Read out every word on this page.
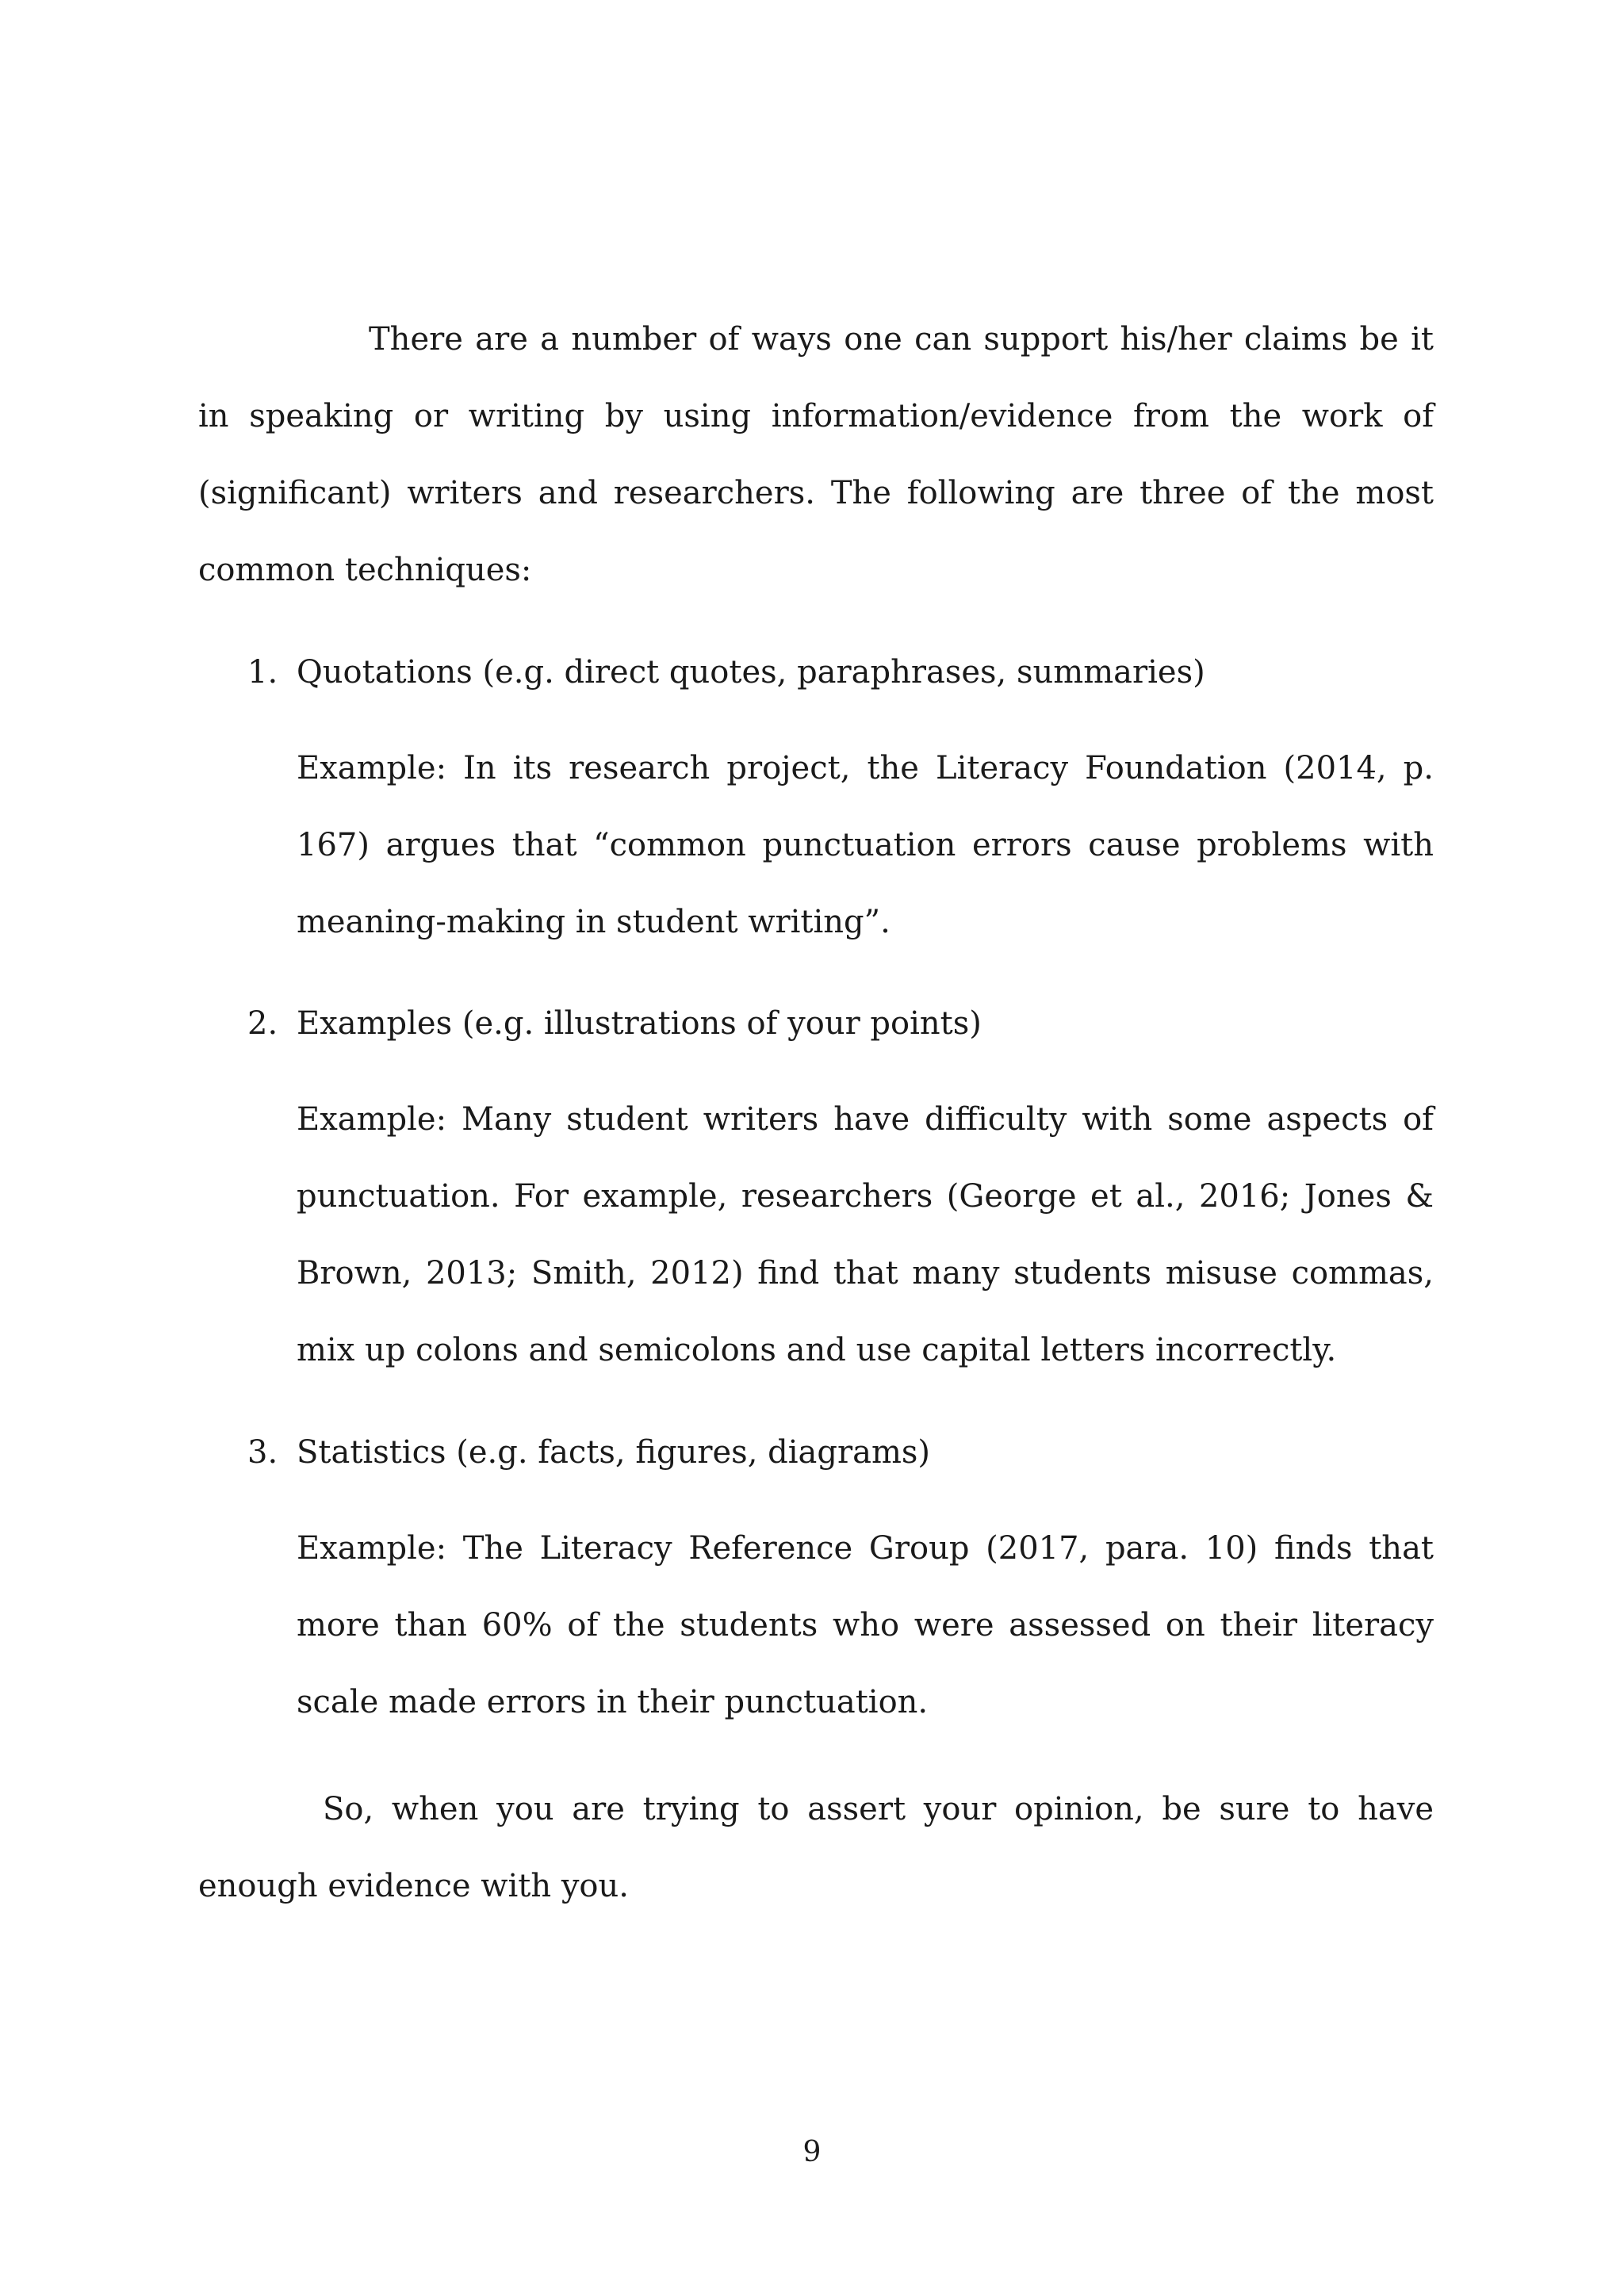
There are a number of ways one can support his/her claims be it in speaking or writing by using information/evidence from the work of (significant) writers and researchers. The following are three of the most common techniques:

1. Quotations (e.g. direct quotes, paraphrases, summaries)

Example: In its research project, the Literacy Foundation (2014, p. 167) argues that “common punctuation errors cause problems with meaning-making in student writing”.

2. Examples (e.g. illustrations of your points)

Example: Many student writers have difficulty with some aspects of punctuation. For example, researchers (George et al., 2016; Jones & Brown, 2013; Smith, 2012) find that many students misuse commas, mix up colons and semicolons and use capital letters incorrectly.

3. Statistics (e.g. facts, figures, diagrams)

Example: The Literacy Reference Group (2017, para. 10) finds that more than 60% of the students who were assessed on their literacy scale made errors in their punctuation.

So, when you are trying to assert your opinion, be sure to have enough evidence with you.

9
